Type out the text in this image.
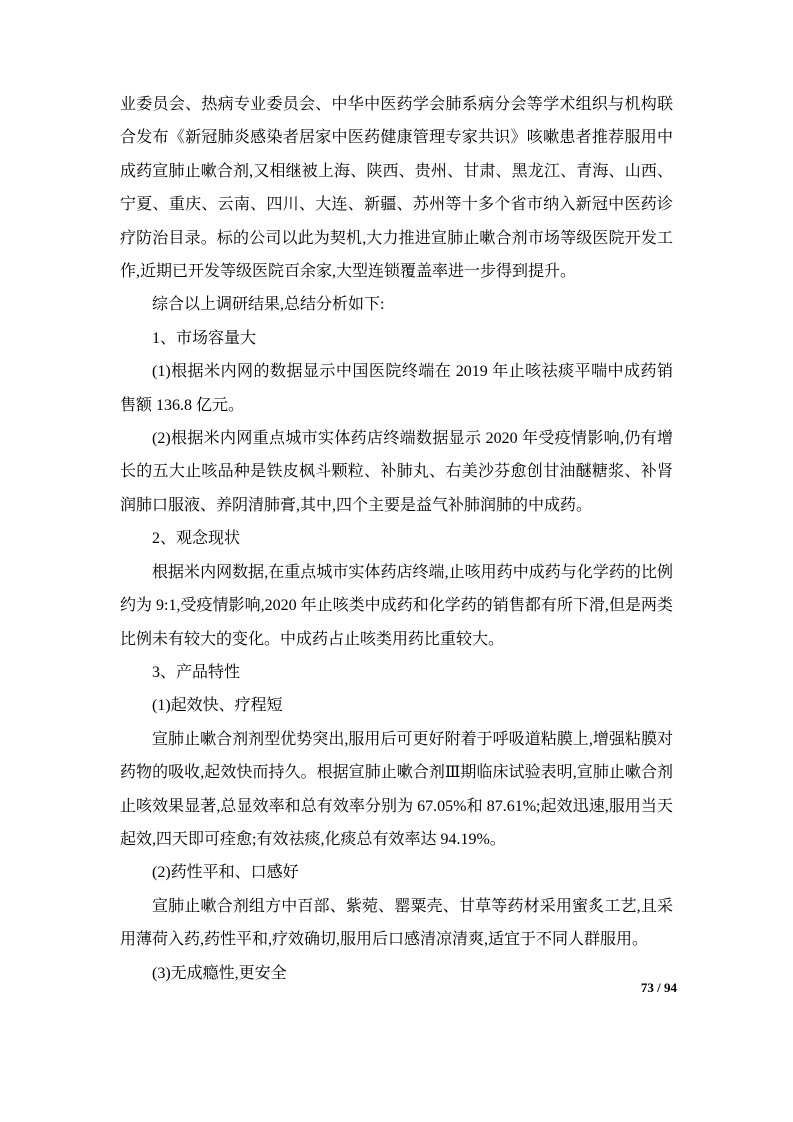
业委员会、热病专业委员会、中华中医药学会肺系病分会等学术组织与机构联合发布《新冠肺炎感染者居家中医药健康管理专家共识》咳嗽患者推荐服用中成药宣肺止嗽合剂,又相继被上海、陕西、贵州、甘肃、黑龙江、青海、山西、宁夏、重庆、云南、四川、大连、新疆、苏州等十多个省市纳入新冠中医药诊疗防治目录。标的公司以此为契机,大力推进宣肺止嗽合剂市场等级医院开发工作,近期已开发等级医院百余家,大型连锁覆盖率进一步得到提升。

综合以上调研结果,总结分析如下:

1、市场容量大

(1)根据米内网的数据显示中国医院终端在 2019 年止咳祛痰平喘中成药销售额 136.8 亿元。

(2)根据米内网重点城市实体药店终端数据显示 2020 年受疫情影响,仍有增长的五大止咳品种是铁皮枫斗颗粒、补肺丸、右美沙芬愈创甘油醚糖浆、补肾润肺口服液、养阴清肺膏,其中,四个主要是益气补肺润肺的中成药。

2、观念现状

根据米内网数据,在重点城市实体药店终端,止咳用药中成药与化学药的比例约为 9:1,受疫情影响,2020 年止咳类中成药和化学药的销售都有所下滑,但是两类比例未有较大的变化。中成药占止咳类用药比重较大。

3、产品特性

(1)起效快、疗程短

宣肺止嗽合剂剂型优势突出,服用后可更好附着于呼吸道粘膜上,增强粘膜对药物的吸收,起效快而持久。根据宣肺止嗽合剂Ⅲ期临床试验表明,宣肺止嗽合剂止咳效果显著,总显效率和总有效率分别为 67.05%和 87.61%;起效迅速,服用当天起效,四天即可痊愈;有效祛痰,化痰总有效率达 94.19%。

(2)药性平和、口感好

宣肺止嗽合剂组方中百部、紫菀、罂粟壳、甘草等药材采用蜜炙工艺,且采用薄荷入药,药性平和,疗效确切,服用后口感清凉清爽,适宜于不同人群服用。

(3)无成瘾性,更安全

73 / 94
